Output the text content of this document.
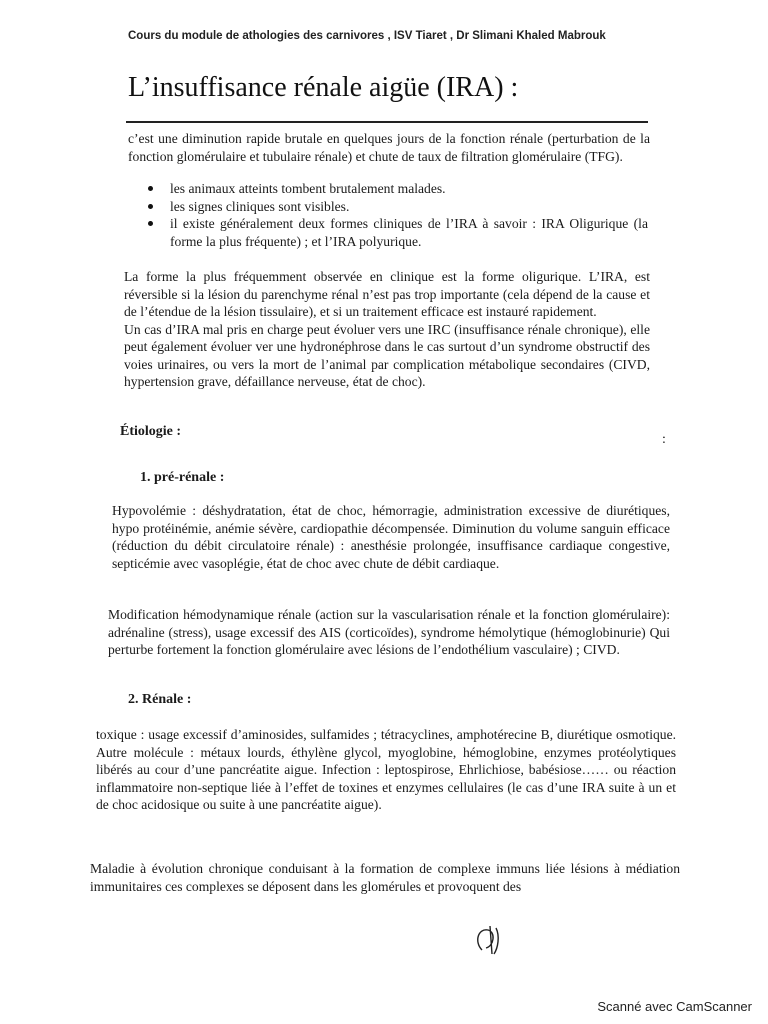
Cours du module de athologies des carnivores , ISV Tiaret , Dr Slimani Khaled Mabrouk
L’insuffisance rénale aigüe (IRA) :

c’est une diminution rapide brutale en quelques jours de la fonction rénale (perturbation de la fonction glomérulaire et tubulaire rénale) et chute de taux de filtration glomérulaire (TFG).

les animaux atteints tombent brutalement malades.
les signes cliniques sont visibles.
il existe généralement deux formes cliniques de l’IRA à savoir : IRA Oligurique (la forme la plus fréquente) ; et l’IRA polyurique.

La forme la plus fréquemment observée en clinique est la forme oligurique. L’IRA, est réversible si la lésion du parenchyme rénal n’est pas trop importante (cela dépend de la cause et de l’étendue de la lésion tissulaire), et si un traitement efficace est instauré rapidement.

Un cas d’IRA mal pris en charge peut évoluer vers une IRC (insuffisance rénale chronique), elle peut également évoluer ver une hydronéphrose dans le cas surtout d’un syndrome obstructif des voies urinaires, ou vers la mort de l’animal par complication métabolique secondaires (CIVD, hypertension grave, défaillance nerveuse, état de choc).

Étiologie :
:
1. pré-rénale :

Hypovolémie : déshydratation, état de choc, hémorragie, administration excessive de diurétiques, hypo protéinémie, anémie sévère, cardiopathie décompensée. Diminution du volume sanguin efficace (réduction du débit circulatoire rénale) : anesthésie prolongée, insuffisance cardiaque congestive, septicémie avec vasoplégie, état de choc avec chute de débit cardiaque.

Modification hémodynamique rénale (action sur la vascularisation rénale et la fonction glomérulaire): adrénaline (stress), usage excessif des AIS (corticoïdes), syndrome hémolytique (hémoglobinurie) Qui perturbe fortement la fonction glomérulaire avec lésions de l’endothélium vasculaire) ; CIVD.

2. Rénale :

toxique : usage excessif d’aminosides, sulfamides ; tétracyclines, amphotérecine B, diurétique osmotique. Autre molécule : métaux lourds, éthylène glycol, myoglobine, hémoglobine, enzymes protéolytiques libérés au cour d’une pancréatite aigue. Infection : leptospirose, Ehrlichiose, babésiose…… ou réaction inflammatoire non-septique liée à l’effet de toxines et enzymes cellulaires (le cas d’une IRA suite à un et de choc acidosique ou suite à une pancréatite aigue).

Maladie à évolution chronique conduisant à la formation de complexe immuns liée lésions à médiation immunitaires ces complexes se déposent dans les glomérules et provoquent des

Scanné avec CamScanner
